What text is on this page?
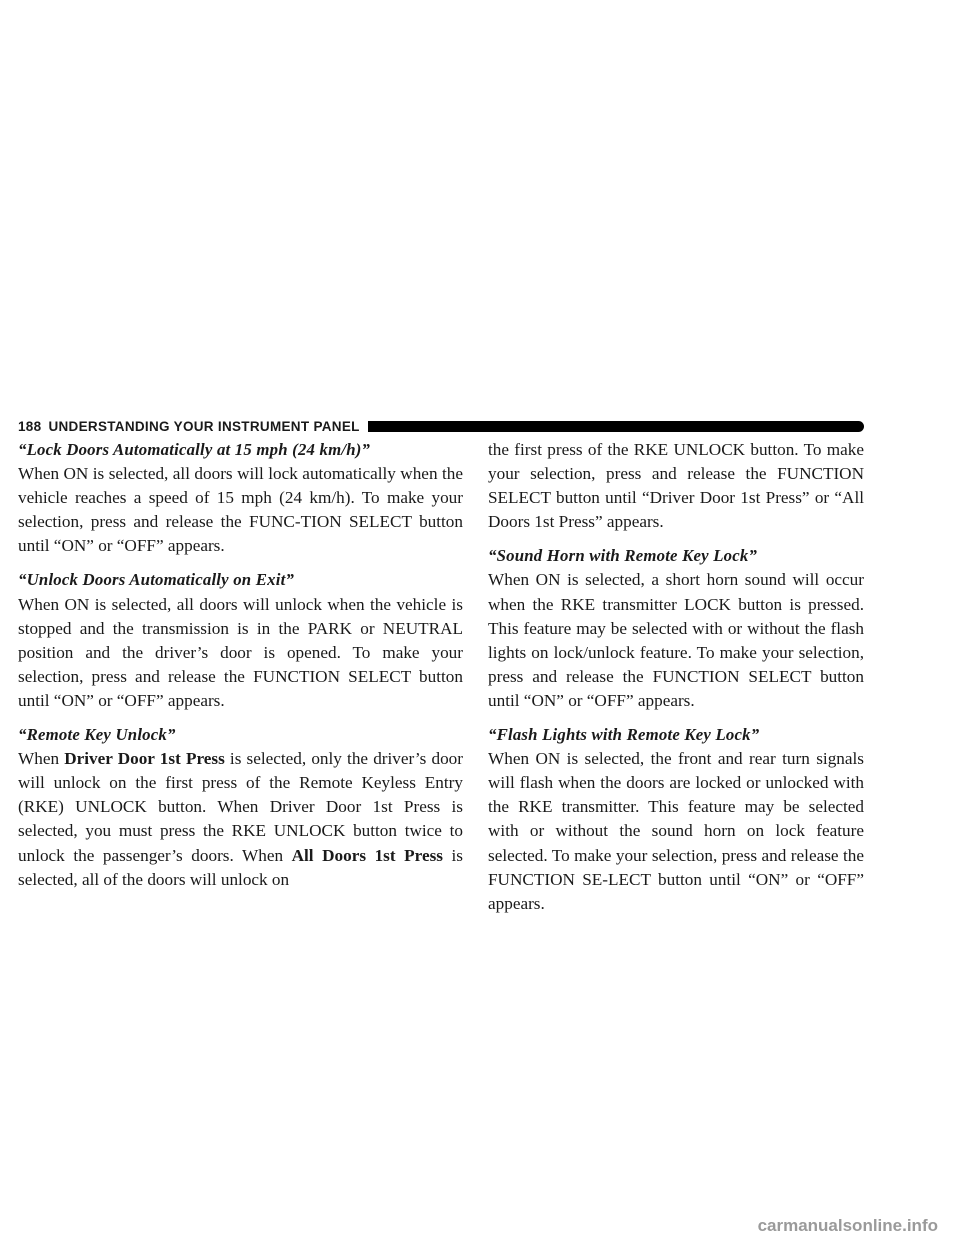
188 UNDERSTANDING YOUR INSTRUMENT PANEL

“Lock Doors Automatically at 15 mph (24 km/h)”

When ON is selected, all doors will lock automatically when the vehicle reaches a speed of 15 mph (24 km/h). To make your selection, press and release the FUNC-TION SELECT button until “ON” or “OFF” appears.

“Unlock Doors Automatically on Exit”

When ON is selected, all doors will unlock when the vehicle is stopped and the transmission is in the PARK or NEUTRAL position and the driver’s door is opened. To make your selection, press and release the FUNCTION SELECT button until “ON” or “OFF” appears.

“Remote Key Unlock”

When Driver Door 1st Press is selected, only the driver’s door will unlock on the first press of the Remote Keyless Entry (RKE) UNLOCK button. When Driver Door 1st Press is selected, you must press the RKE UNLOCK button twice to unlock the passenger’s doors. When All Doors 1st Press is selected, all of the doors will unlock on

the first press of the RKE UNLOCK button. To make your selection, press and release the FUNCTION SELECT button until “Driver Door 1st Press” or “All Doors 1st Press” appears.

“Sound Horn with Remote Key Lock”

When ON is selected, a short horn sound will occur when the RKE transmitter LOCK button is pressed. This feature may be selected with or without the flash lights on lock/unlock feature. To make your selection, press and release the FUNCTION SELECT button until “ON” or “OFF” appears.

“Flash Lights with Remote Key Lock”

When ON is selected, the front and rear turn signals will flash when the doors are locked or unlocked with the RKE transmitter. This feature may be selected with or without the sound horn on lock feature selected. To make your selection, press and release the FUNCTION SE-LECT button until “ON” or “OFF” appears.

carmanualsonline.info
